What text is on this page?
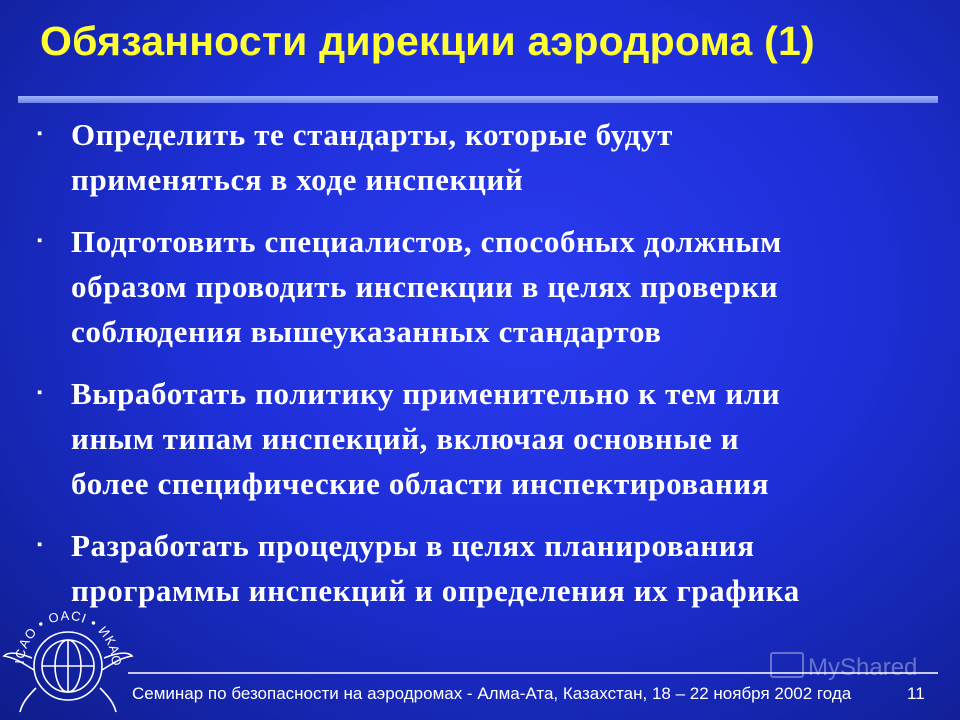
Обязанности дирекции аэродрома (1)
▪ Определить те стандарты, которые будут
применяться в ходе инспекций
▪ Подготовить специалистов, способных должным
образом проводить инспекции в целях проверки
соблюдения вышеуказанных стандартов
▪ Выработать политику применительно к тем или
иным типам инспекций, включая основные и
более специфические области инспектирования
▪ Разработать процедуры в целях планирования
программы инспекций и определения их графика
ICAO • OACI • ИКАО
Семинар по безопасности на аэродромах - Алма-Ата, Казахстан, 18 – 22 ноября 2002 года	11
MyShared
